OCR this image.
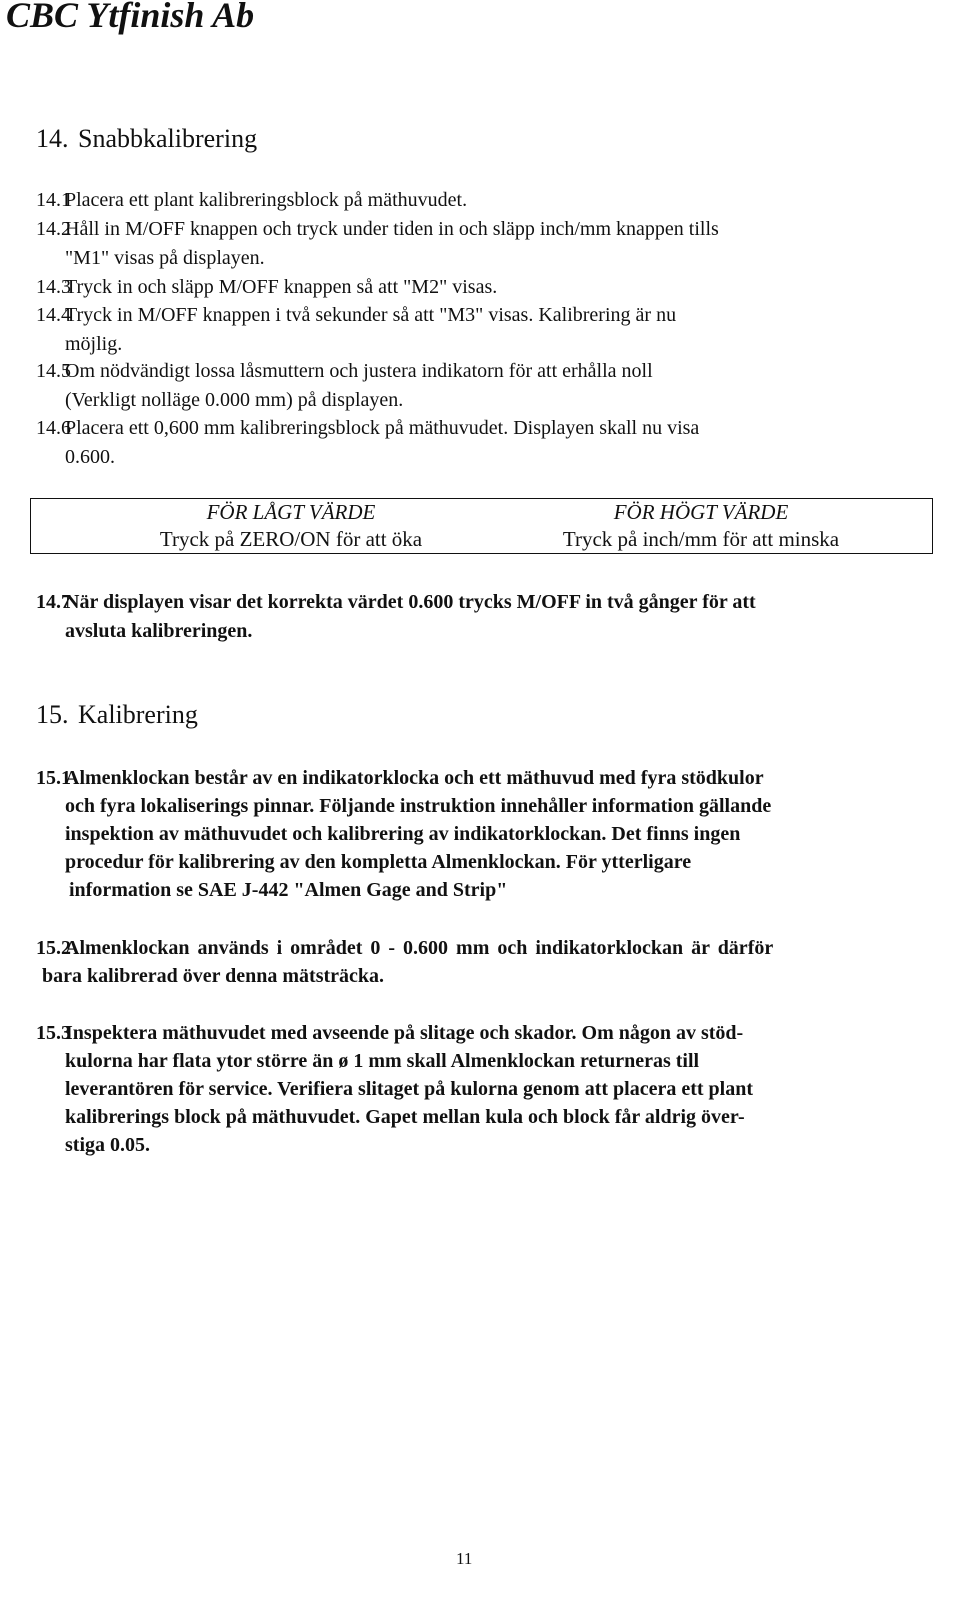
CBC Ytfinish Ab
14. Snabbkalibrering
14.1
Placera ett plant kalibreringsblock på mäthuvudet.
14.2
Håll in M/OFF knappen och tryck under tiden in och släpp inch/mm knappen tills
"M1" visas på displayen.
14.3
Tryck in och släpp M/OFF knappen så att "M2" visas.
14.4
Tryck in M/OFF knappen i två sekunder så att "M3" visas. Kalibrering är nu
möjlig.
14.5
Om nödvändigt lossa låsmuttern och justera indikatorn för att erhålla noll
(Verkligt nolläge 0.000 mm) på displayen.
14.6
Placera ett 0,600 mm kalibreringsblock på mäthuvudet. Displayen skall nu visa
0.600.
FÖR LÅGT VÄRDE
Tryck på ZERO/ON för att öka
FÖR HÖGT VÄRDE
Tryck på inch/mm för att minska
14.7
När displayen visar det korrekta värdet 0.600 trycks M/OFF in två gånger för att
avsluta kalibreringen.
15. Kalibrering
15.1
Almenklockan består av en indikatorklocka och ett mäthuvud med fyra stödkulor
och fyra lokaliserings pinnar. Följande instruktion innehåller information gällande
inspektion av mäthuvudet och kalibrering av indikatorklockan. Det finns ingen
procedur för kalibrering av den kompletta Almenklockan. För ytterligare
information se SAE J-442 "Almen Gage and Strip"
15.2
Almenklockan används i området 0 - 0.600 mm och indikatorklockan är därför
bara kalibrerad över denna mätsträcka.
15.3
Inspektera mäthuvudet med avseende på slitage och skador. Om någon av stöd-
kulorna har flata ytor större än ø 1 mm skall Almenklockan returneras till
leverantören för service. Verifiera slitaget på kulorna genom att placera ett plant
kalibrerings block på mäthuvudet. Gapet mellan kula och block får aldrig över-
stiga 0.05.
11
